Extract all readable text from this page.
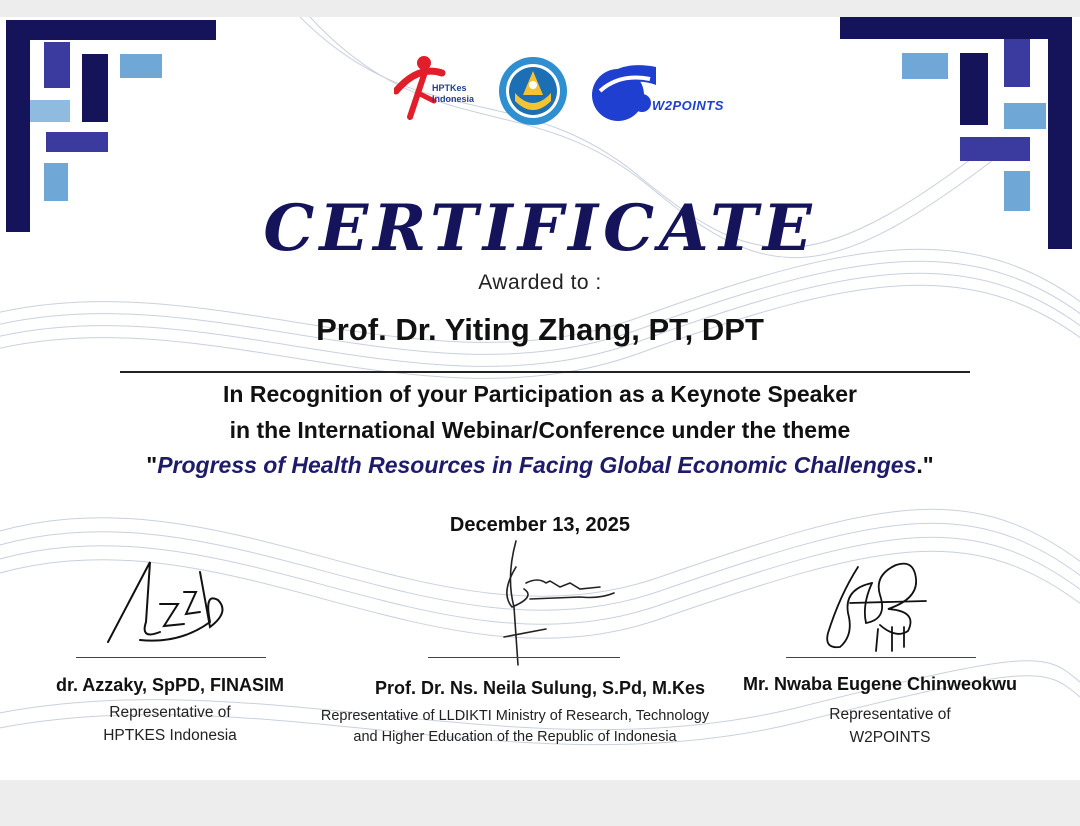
HPTKes
Indonesia	W2POINTS
CERTIFICATE
Awarded to :
Prof. Dr. Yiting Zhang, PT, DPT
In Recognition of your Participation as a Keynote Speaker
in the International Webinar/Conference under the theme
"Progress of Health Resources in Facing Global Economic Challenges."
December 13, 2025
dr. Azzaky, SpPD, FINASIM
Representative of
HPTKES Indonesia
Prof. Dr. Ns. Neila Sulung, S.Pd, M.Kes
Representative of LLDIKTI Ministry of Research, Technology
and Higher Education of the Republic of Indonesia
Mr. Nwaba Eugene Chinweokwu
Representative of
W2POINTS
